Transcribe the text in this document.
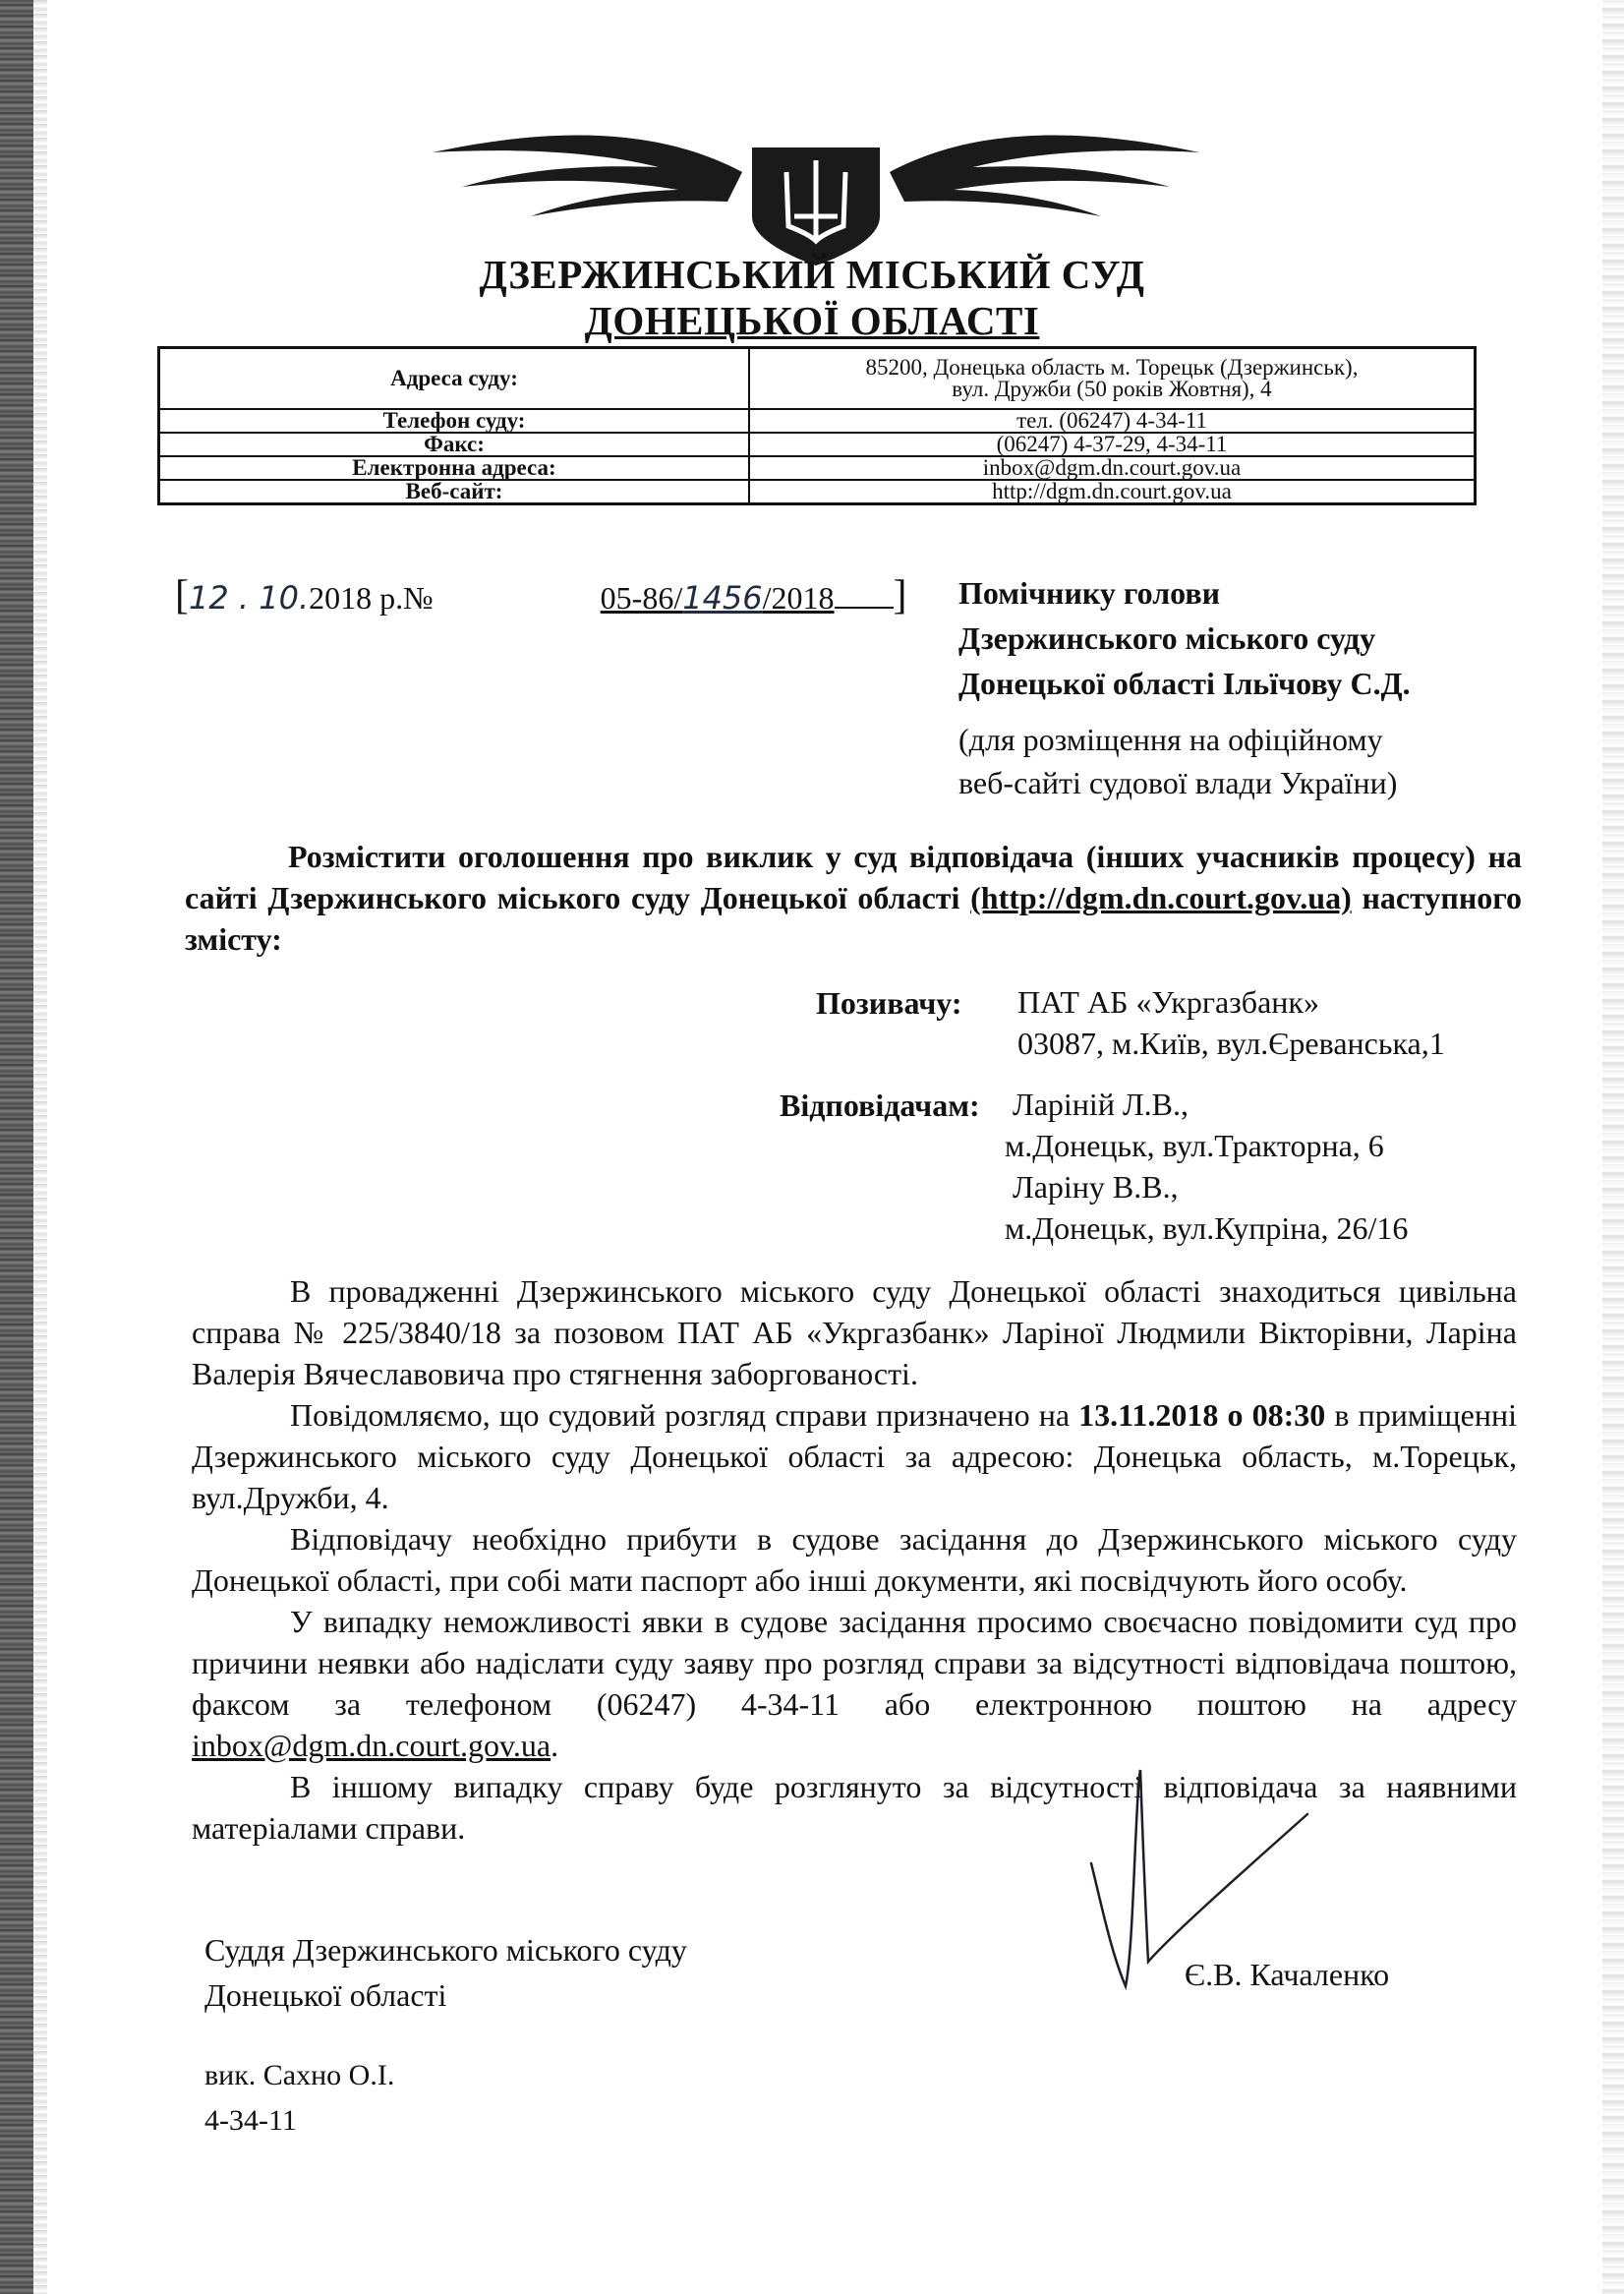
ДЗЕРЖИНСЬКИЙ МІСЬКИЙ СУД
ДОНЕЦЬКОЇ ОБЛАСТІ
Адреса суду:	85200, Донецька область м. Торецьк (Дзержинськ),
вул. Дружби (50 років Жовтня), 4

Телефон суду:	тел. (06247) 4-34-11
Факс:	(06247) 4-37-29, 4-34-11
Електронна адреса:	inbox@dgm.dn.court.gov.ua
Веб-сайт:	http://dgm.dn.court.gov.ua
[12 . 10.2018 р.№	05-86/1456/2018 ] Помічнику голови
Дзержинського міського суду
Донецької області Ільїчову С.Д.
(для розміщення на офіційному
веб-сайті судової влади України)
Розмістити оголошення про виклик у суд відповідача (інших учасників процесу) на сайті Дзержинського міського суду Донецької області (http://dgm.dn.court.gov.ua) наступного змісту:
Позивачу: ПАТ АБ «Укргазбанк»
03087, м.Київ, вул.Єреванська,1
Відповідачам: Ларіній Л.В.,
м.Донецьк, вул.Тракторна, 6
Ларіну В.В.,
м.Донецьк, вул.Купріна, 26/16

В провадженні Дзержинського міського суду Донецької області знаходиться цивільна справа № 225/3840/18 за позовом ПАТ АБ «Укргазбанк» Ларіної Людмили Вікторівни, Ларіна Валерія Вячеславовича про стягнення заборгованості.

Повідомляємо, що судовий розгляд справи призначено на 13.11.2018 о 08:30 в приміщенні Дзержинського міського суду Донецької області за адресою: Донецька область, м.Торецьк, вул.Дружби, 4.

Відповідачу необхідно прибути в судове засідання до Дзержинського міського суду Донецької області, при собі мати паспорт або інші документи, які посвідчують його особу.

У випадку неможливості явки в судове засідання просимо своєчасно повідомити суд про причини неявки або надіслати суду заяву про розгляд справи за відсутності відповідача поштою, факсом за телефоном (06247) 4-34-11 або електронною поштою на адресу inbox@dgm.dn.court.gov.ua.

В іншому випадку справу буде розглянуто за відсутності відповідача за наявними матеріалами справи.

Суддя Дзержинського міського суду
Донецької області
Є.В. Качаленко
вик. Сахно О.І.
4-34-11
